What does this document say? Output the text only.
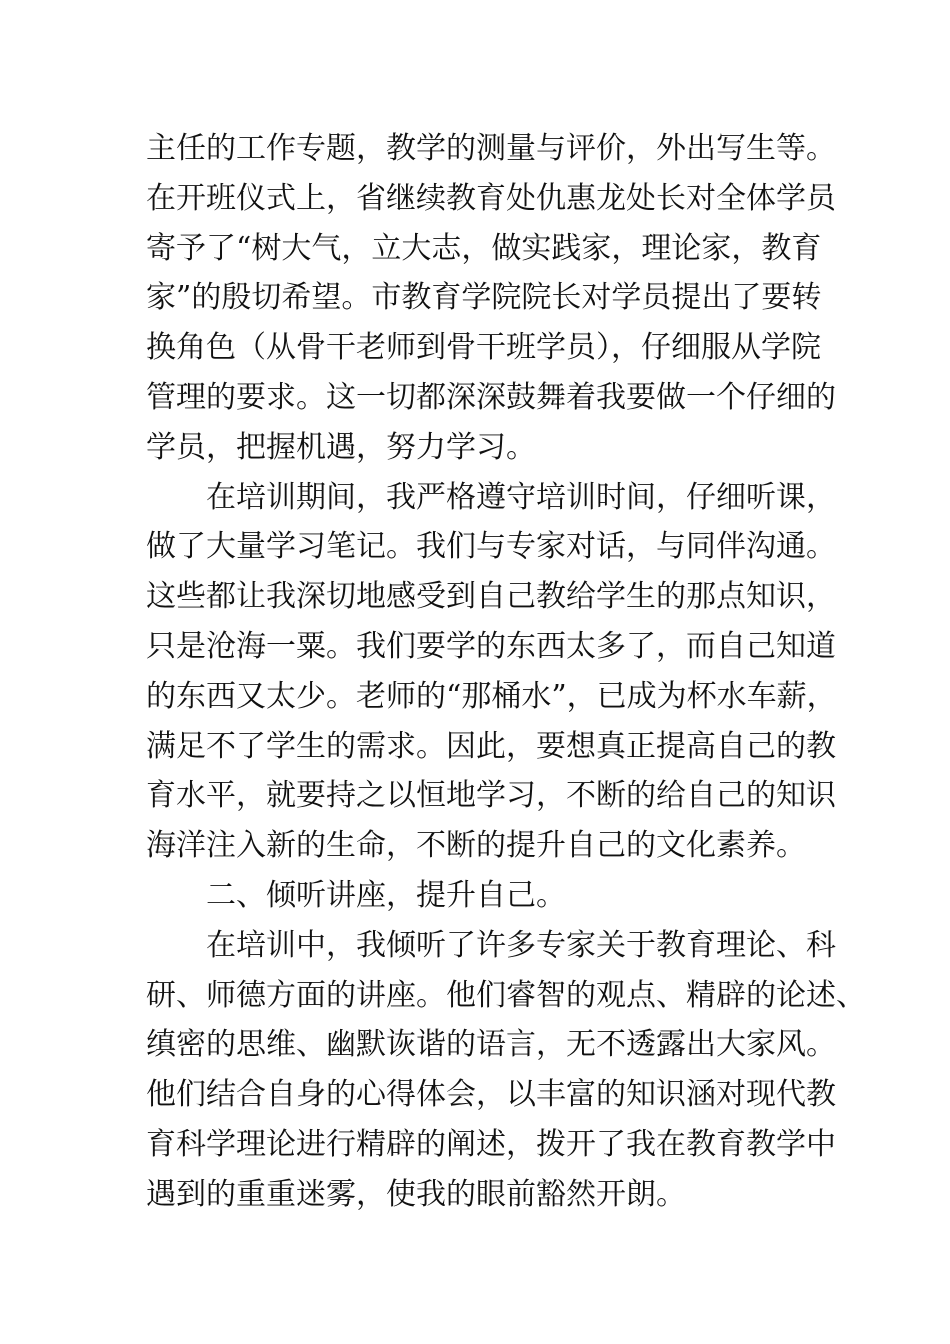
主任的工作专题，教学的测量与评价，外出写生等。
在开班仪式上，省继续教育处仇惠龙处长对全体学员
寄予了“树大气，立大志，做实践家，理论家，教育
家”的殷切希望。市教育学院院长对学员提出了要转
换角色（从骨干老师到骨干班学员），仔细服从学院
管理的要求。这一切都深深鼓舞着我要做一个仔细的
学员，把握机遇，努力学习。
在培训期间，我严格遵守培训时间，仔细听课，
做了大量学习笔记。我们与专家对话，与同伴沟通。
这些都让我深切地感受到自己教给学生的那点知识，
只是沧海一粟。我们要学的东西太多了，而自己知道
的东西又太少。老师的“那桶水”，已成为杯水车薪，
满足不了学生的需求。因此，要想真正提高自己的教
育水平，就要持之以恒地学习，不断的给自己的知识
海洋注入新的生命，不断的提升自己的文化素养。
二、倾听讲座，提升自己。
在培训中，我倾听了许多专家关于教育理论、科
研、师德方面的讲座。他们睿智的观点、精辟的论述、
缜密的思维、幽默诙谐的语言，无不透露出大家风。
他们结合自身的心得体会，以丰富的知识涵对现代教
育科学理论进行精辟的阐述，拨开了我在教育教学中
遇到的重重迷雾，使我的眼前豁然开朗。
